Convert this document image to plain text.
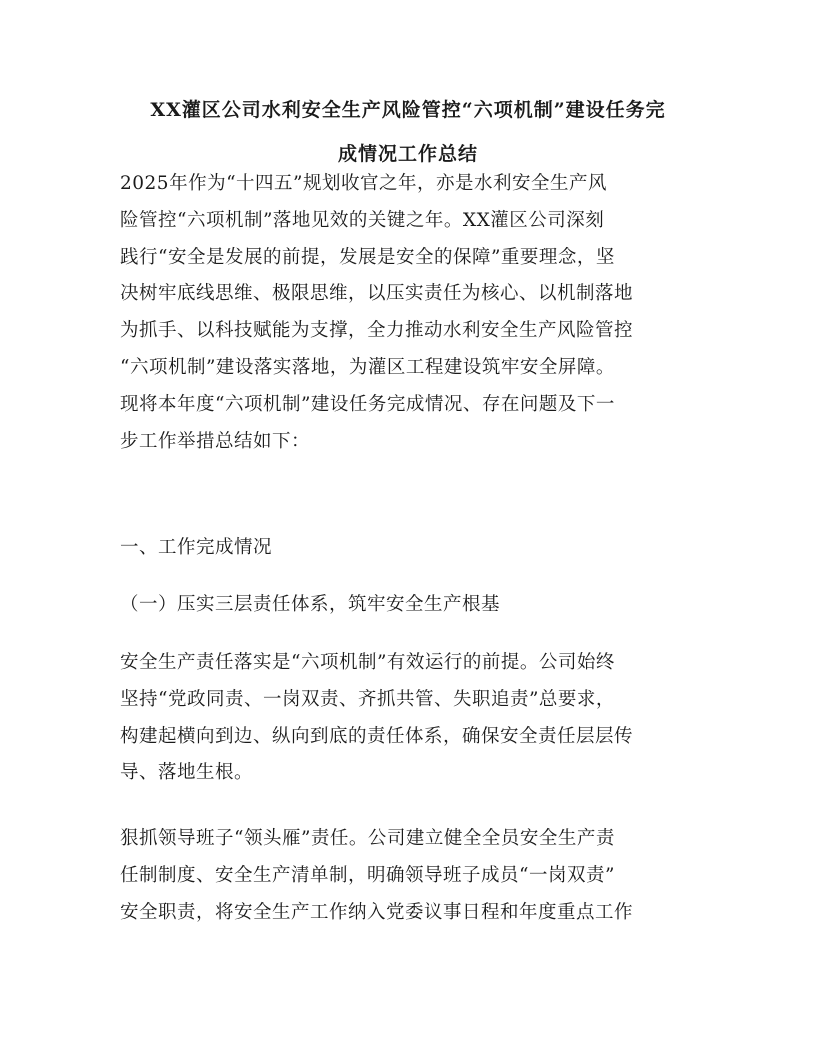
XX灌区公司水利安全生产风险管控“六项机制”建设任务完
成情况工作总结
2025年作为“十四五”规划收官之年，亦是水利安全生产风
险管控“六项机制”落地见效的关键之年。XX灌区公司深刻
践行“安全是发展的前提，发展是安全的保障”重要理念，坚
决树牢底线思维、极限思维，以压实责任为核心、以机制落地
为抓手、以科技赋能为支撑，全力推动水利安全生产风险管控
“六项机制”建设落实落地，为灌区工程建设筑牢安全屏障。
现将本年度“六项机制”建设任务完成情况、存在问题及下一
步工作举措总结如下：
一、工作完成情况
（一）压实三层责任体系，筑牢安全生产根基
安全生产责任落实是“六项机制”有效运行的前提。公司始终
坚持“党政同责、一岗双责、齐抓共管、失职追责”总要求，
构建起横向到边、纵向到底的责任体系，确保安全责任层层传
导、落地生根。
狠抓领导班子“领头雁”责任。公司建立健全全员安全生产责
任制制度、安全生产清单制，明确领导班子成员“一岗双责”
安全职责，将安全生产工作纳入党委议事日程和年度重点工作
